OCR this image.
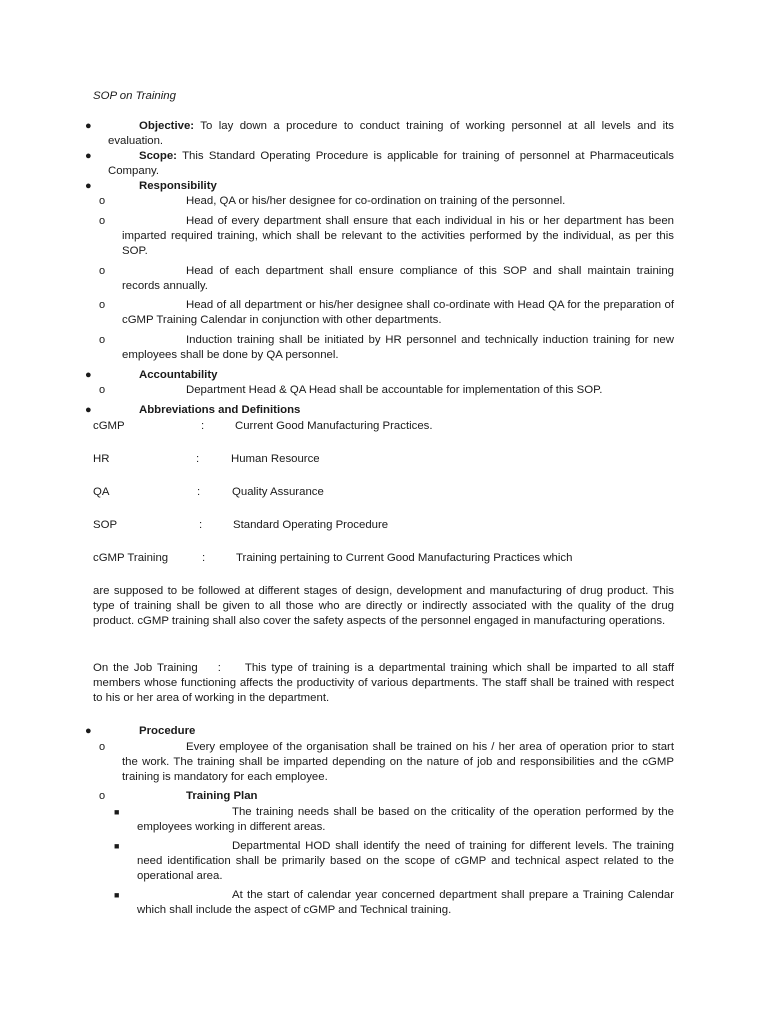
SOP on Training
●	Objective: To lay down a procedure to conduct training of working personnel at all levels and its evaluation.
●	Scope: This Standard Operating Procedure is applicable for training of personnel at Pharmaceuticals Company.
●	Responsibility
o	Head, QA or his/her designee for co-ordination on training of the personnel.
o	Head of every department shall ensure that each individual in his or her department has been imparted required training, which shall be relevant to the activities performed by the individual, as per this SOP.
o	Head of each department shall ensure compliance of this SOP and shall maintain training records annually.
o	Head of all department or his/her designee shall co-ordinate with Head QA for the preparation of cGMP Training Calendar in conjunction with other departments.
o	Induction training shall be initiated by HR personnel and technically induction training for new employees shall be done by QA personnel.
●	Accountability
o	Department Head & QA Head shall be accountable for implementation of this SOP.
●	Abbreviations and Definitions
cGMP	:	Current Good Manufacturing Practices.
HR	:	Human Resource
QA	:	Quality Assurance
SOP	:	Standard Operating Procedure
cGMP Training	:	Training pertaining to Current Good Manufacturing Practices which
are supposed to be followed at different stages of design, development and manufacturing of drug product. This type of training shall be given to all those who are directly or indirectly associated with the quality of the drug product. cGMP training shall also cover the safety aspects of the personnel engaged in manufacturing operations.
On the Job Training : This type of training is a departmental training which shall be imparted to all staff members whose functioning affects the productivity of various departments. The staff shall be trained with respect to his or her area of working in the department.
●	Procedure
o	Every employee of the organisation shall be trained on his / her area of operation prior to start the work. The training shall be imparted depending on the nature of job and responsibilities and the cGMP training is mandatory for each employee.
o	Training Plan
■	The training needs shall be based on the criticality of the operation performed by the employees working in different areas.
■	Departmental HOD shall identify the need of training for different levels. The training need identification shall be primarily based on the scope of cGMP and technical aspect related to the operational area.
■	At the start of calendar year concerned department shall prepare a Training Calendar which shall include the aspect of cGMP and Technical training.
